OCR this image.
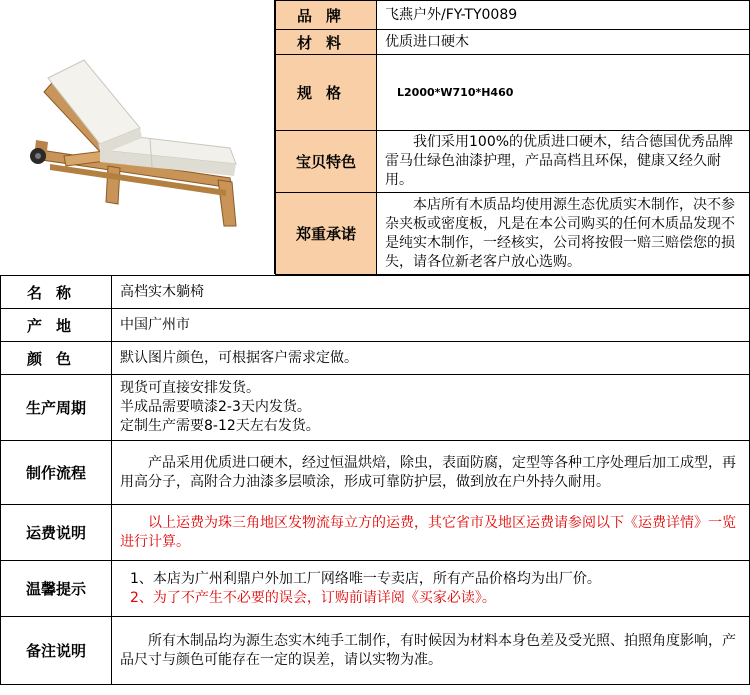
品牌	飞燕户外/FY-TY0089
材料	优质进口硬木
规格	L2000*W710*H460
宝贝特色	我们采用100%的优质进口硬木，结合德国优秀品牌雷马仕绿色油漆护理，产品高档且环保，健康又经久耐用。
郑重承诺	本店所有木质品均使用源生态优质实木制作，决不参杂夹板或密度板，凡是在本公司购买的任何木质品发现不是纯实木制作，一经核实，公司将按假一赔三赔偿您的损失，请各位新老客户放心选购。
名称	高档实木躺椅
产地	中国广州市
颜色	默认图片颜色，可根据客户需求定做。
生产周期	现货可直接安排发货。
半成品需要喷漆2-3天内发货。
定制生产需要8-12天左右发货。

制作流程	产品采用优质进口硬木，经过恒温烘焙，除虫，表面防腐，定型等各种工序处理后加工成型，再用高分子，高附合力油漆多层喷涂，形成可靠防护层，做到放在户外持久耐用。
运费说明	以上运费为珠三角地区发物流每立方的运费，其它省市及地区运费请参阅以下《运费详情》一览进行计算。
温馨提示	1、本店为广州利鼎户外加工厂网络唯一专卖店，所有产品价格均为出厂价。
2、为了不产生不必要的误会，订购前请详阅《买家必读》。

备注说明	所有木制品均为源生态实木纯手工制作，有时候因为材料本身色差及受光照、拍照角度影响，产品尺寸与颜色可能存在一定的误差，请以实物为准。
